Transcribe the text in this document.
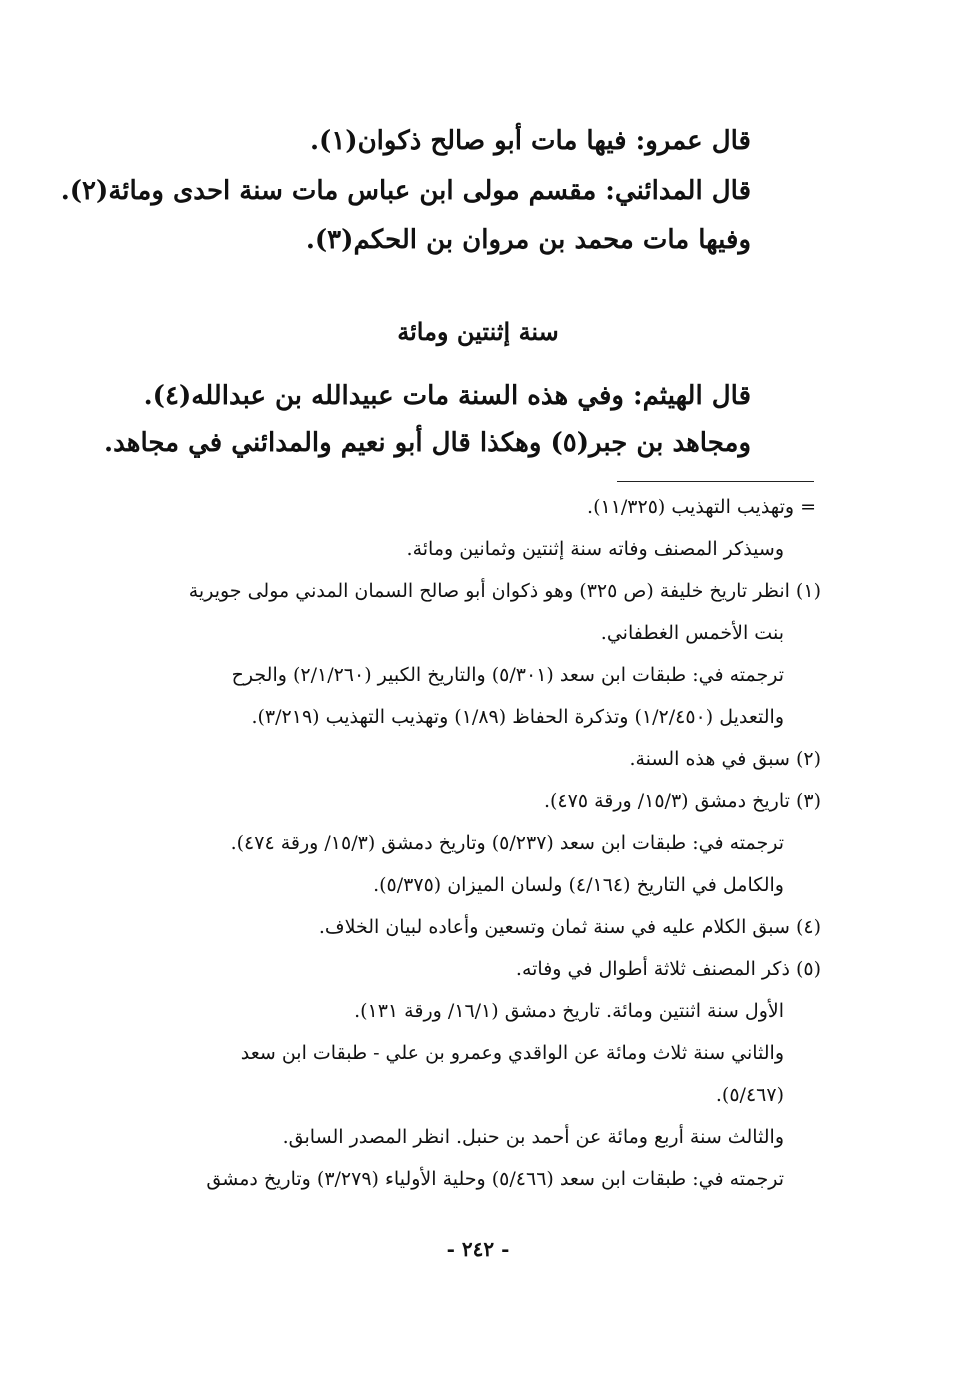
قال عمرو: فيها مات أبو صالح ذكوان(١).
قال المدائني: مقسم مولى ابن عباس مات سنة احدى ومائة(٢).
وفيها مات محمد بن مروان بن الحكم(٣).
سنة إثنتين ومائة
قال الهيثم: وفي هذه السنة مات عبيدالله بن عبدالله(٤).
ومجاهد بن جبر(٥) وهكذا قال أبو نعيم والمدائني في مجاهد.
= وتهذيب التهذيب (١١/٣٢٥).
وسيذكر المصنف وفاته سنة إثنتين وثمانين ومائة.
(١) انظر تاريخ خليفة (ص ٣٢٥) وهو ذكوان أبو صالح السمان المدني مولى جويرية
بنت الأخمس الغطفاني.
ترجمته في: طبقات ابن سعد (٥/٣٠١) والتاريخ الكبير (٢/١/٢٦٠) والجرح
والتعديل (١/٢/٤٥٠) وتذكرة الحفاظ (١/٨٩) وتهذيب التهذيب (٣/٢١٩).
(٢) سبق في هذه السنة.
(٣) تاريخ دمشق (١٥/٣/ ورقة ٤٧٥).
ترجمته في: طبقات ابن سعد (٥/٢٣٧) وتاريخ دمشق (١٥/٣/ ورقة ٤٧٤).
والكامل في التاريخ (٤/١٦٤) ولسان الميزان (٥/٣٧٥).
(٤) سبق الكلام عليه في سنة ثمان وتسعين وأعاده لبيان الخلاف.
(٥) ذكر المصنف ثلاثة أطوال في وفاته.
الأول سنة اثنتين ومائة. تاريخ دمشق (١٦/١/ ورقة ١٣١).
والثاني سنة ثلاث ومائة عن الواقدي وعمرو بن علي - طبقات ابن سعد
(٥/٤٦٧).
والثالث سنة أربع ومائة عن أحمد بن حنبل. انظر المصدر السابق.
ترجمته في: طبقات ابن سعد (٥/٤٦٦) وحلية الأولياء (٣/٢٧٩) وتاريخ دمشق
- ٢٤٢ -
